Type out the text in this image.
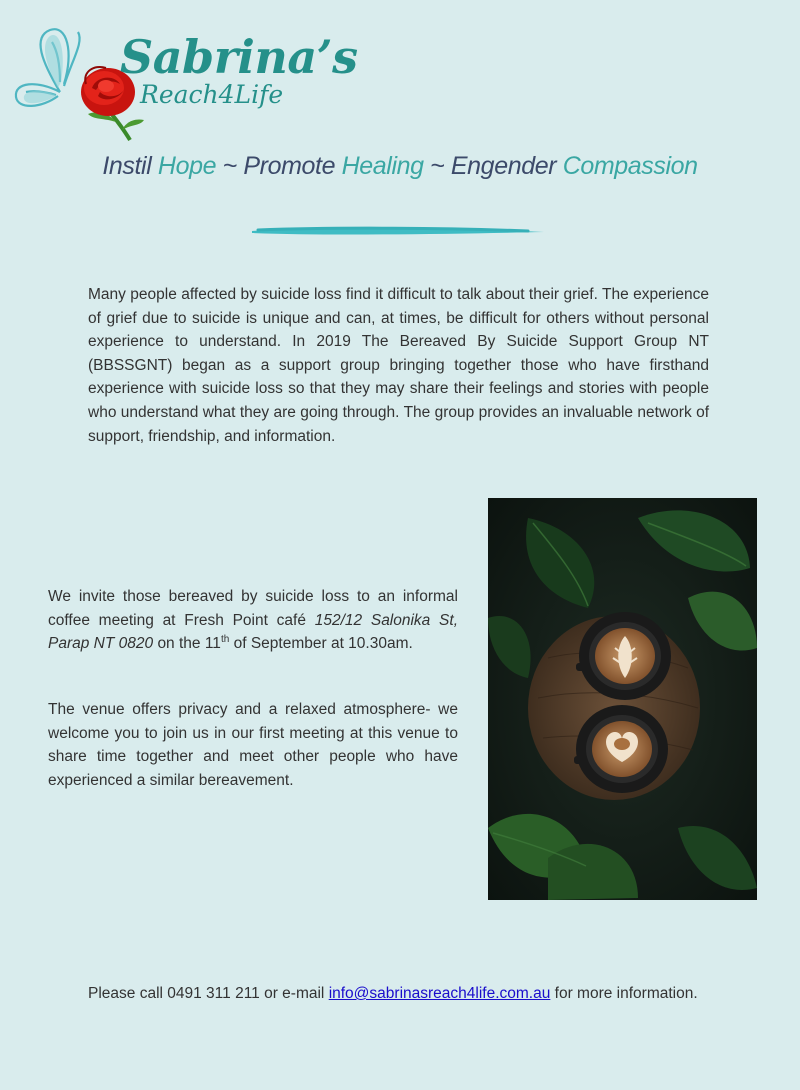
Sabrina’s
Reach4Life
Instil Hope ~ Promote Healing ~ Engender Compassion

Many people affected by suicide loss find it difficult to talk about their grief. The experience of grief due to suicide is unique and can, at times, be difficult for others without personal experience to understand. In 2019 The Bereaved By Suicide Support Group NT (BBSSGNT) began as a support group bringing together those who have firsthand experience with suicide loss so that they may share their feelings and stories with people who understand what they are going through. The group provides an invaluable network of support, friendship, and information.

We invite those bereaved by suicide loss to an informal coffee meeting at Fresh Point café 152/12 Salonika St, Parap NT 0820 on the 11th of September at 10.30am.

The venue offers privacy and a relaxed atmosphere- we welcome you to join us in our first meeting at this venue to share time together and meet other people who have experienced a similar bereavement.

Please call 0491 311 211 or e-mail info@sabrinasreach4life.com.au for more information.
